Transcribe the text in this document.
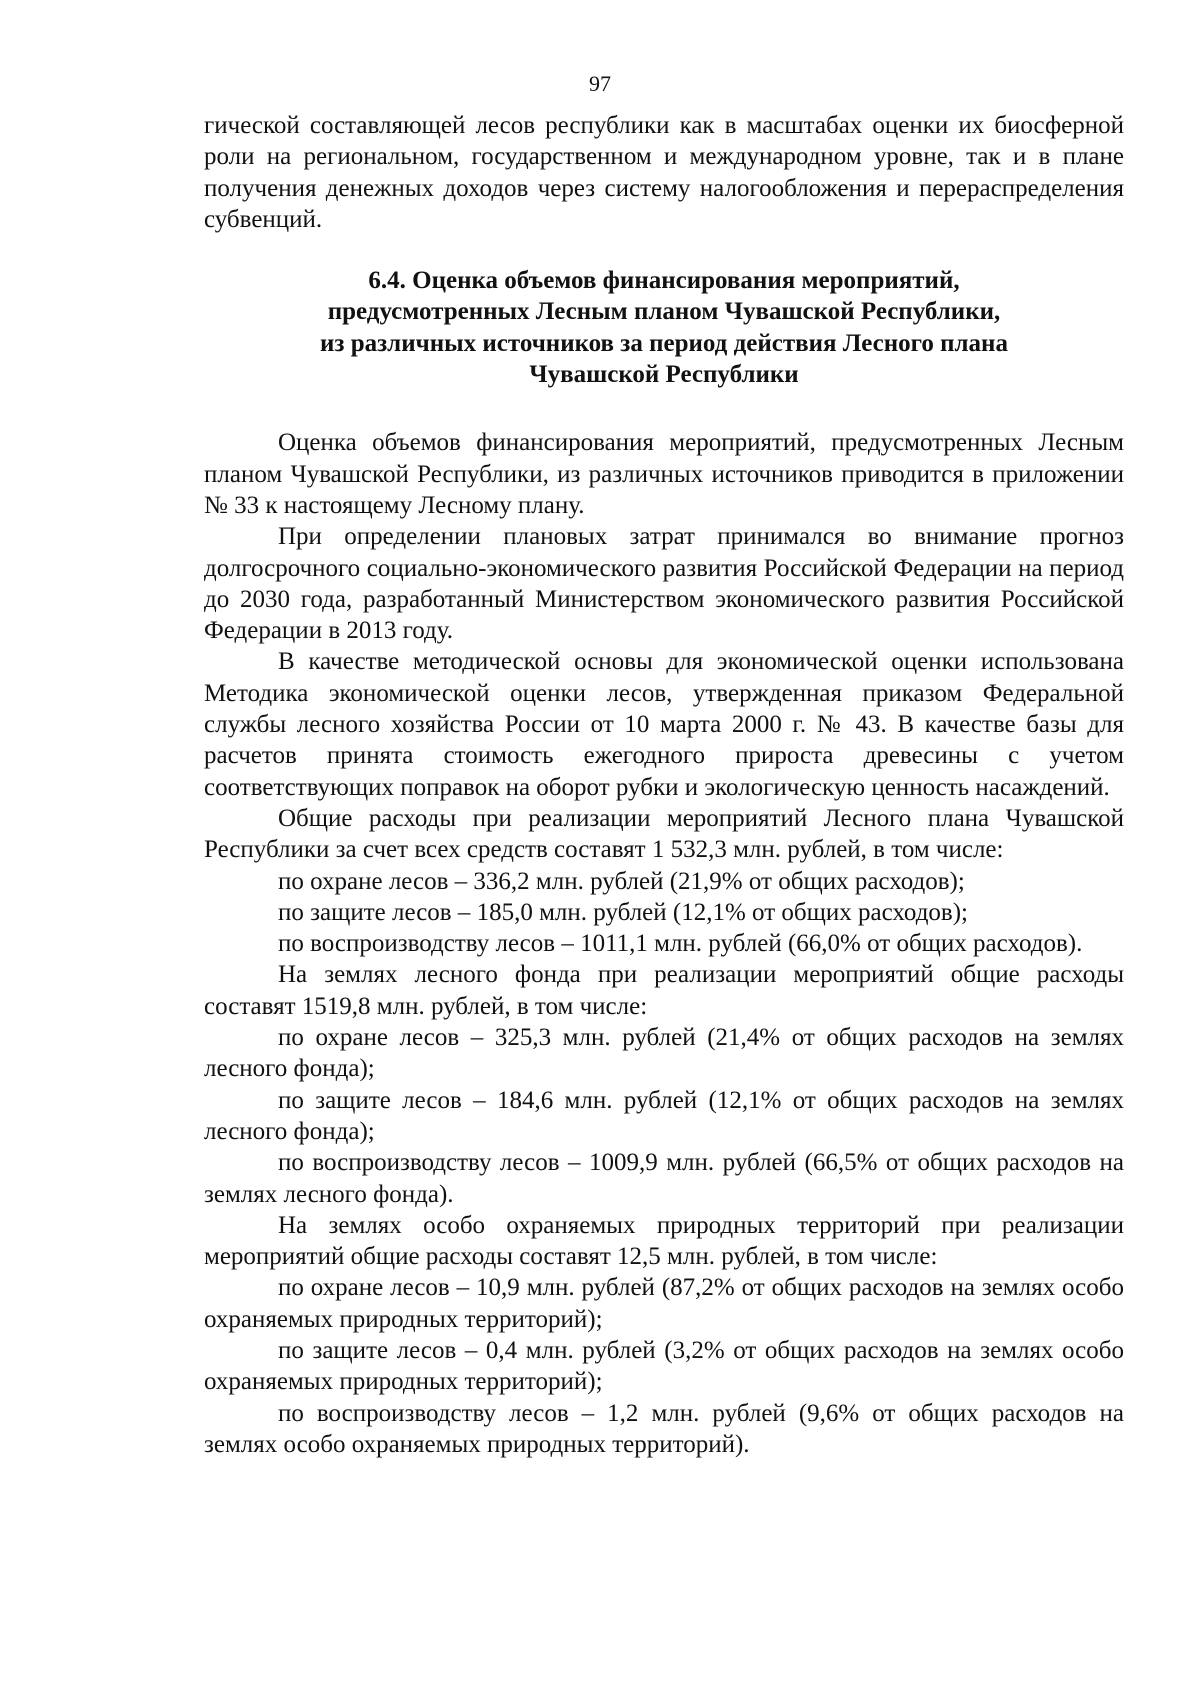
97

гической составляющей лесов республики как в масштабах оценки их биосферной роли на региональном, государственном и международном уровне, так и в плане получения денежных доходов через систему налогообложения и перераспределения субвенций.

6.4. Оценка объемов финансирования мероприятий,
предусмотренных Лесным планом Чувашской Республики,
из различных источников за период действия Лесного плана
Чувашской Республики

Оценка объемов финансирования мероприятий, предусмотренных Лесным планом Чувашской Республики, из различных источников приводится в приложении № 33 к настоящему Лесному плану.

При определении плановых затрат принимался во внимание прогноз долгосрочного социально-экономического развития Российской Федерации на период до 2030 года, разработанный Министерством экономического развития Российской Федерации в 2013 году.

В качестве методической основы для экономической оценки использована Методика экономической оценки лесов, утвержденная приказом Федеральной службы лесного хозяйства России от 10 марта 2000 г. № 43. В качестве базы для расчетов принята стоимость ежегодного прироста древесины с учетом соответствующих поправок на оборот рубки и экологическую ценность насаждений.

Общие расходы при реализации мероприятий Лесного плана Чувашской Республики за счет всех средств составят 1 532,3 млн. рублей, в том числе:

по охране лесов – 336,2 млн. рублей (21,9% от общих расходов);

по защите лесов – 185,0 млн. рублей (12,1% от общих расходов);

по воспроизводству лесов – 1011,1 млн. рублей (66,0% от общих расходов).

На землях лесного фонда при реализации мероприятий общие расходы составят 1519,8 млн. рублей, в том числе:

по охране лесов – 325,3 млн. рублей (21,4% от общих расходов на землях лесного фонда);

по защите лесов – 184,6 млн. рублей (12,1% от общих расходов на землях лесного фонда);

по воспроизводству лесов – 1009,9 млн. рублей (66,5% от общих расходов на землях лесного фонда).

На землях особо охраняемых природных территорий при реализации мероприятий общие расходы составят 12,5 млн. рублей, в том числе:

по охране лесов – 10,9 млн. рублей (87,2% от общих расходов на землях особо охраняемых природных территорий);

по защите лесов – 0,4 млн. рублей (3,2% от общих расходов на землях особо охраняемых природных территорий);

по воспроизводству лесов – 1,2 млн. рублей (9,6% от общих расходов на землях особо охраняемых природных территорий).
